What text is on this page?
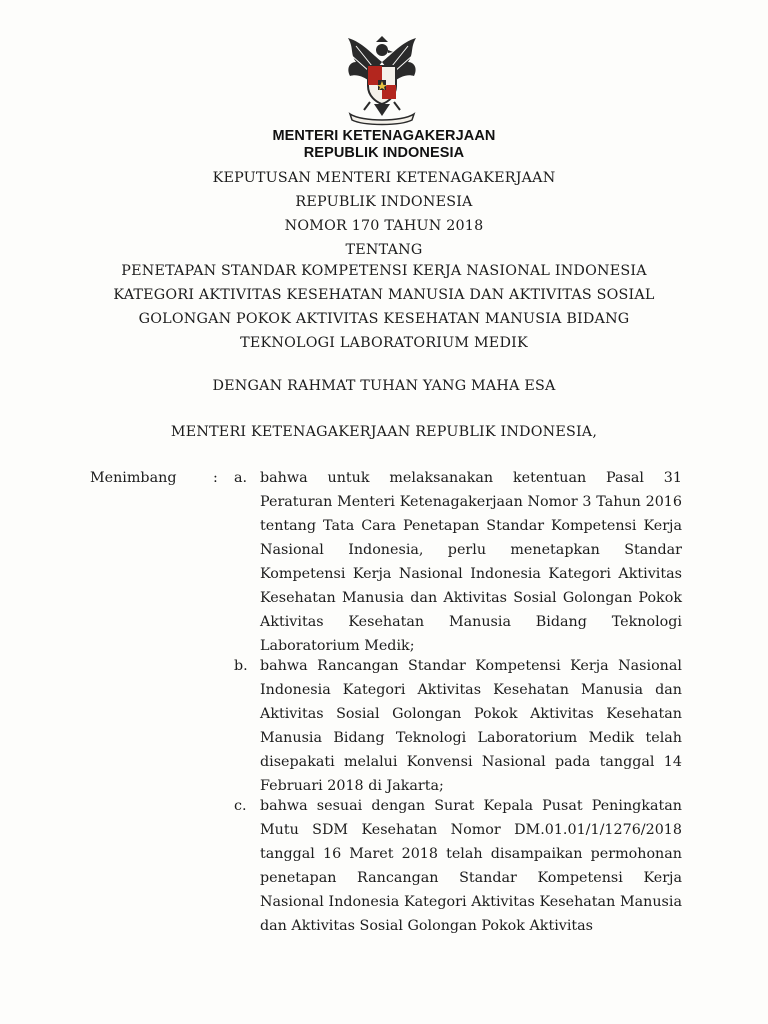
MENTERI KETENAGAKERJAAN
REPUBLIK INDONESIA
KEPUTUSAN MENTERI KETENAGAKERJAAN
REPUBLIK INDONESIA
NOMOR 170 TAHUN 2018
TENTANG
PENETAPAN STANDAR KOMPETENSI KERJA NASIONAL INDONESIA
KATEGORI AKTIVITAS KESEHATAN MANUSIA DAN AKTIVITAS SOSIAL
GOLONGAN POKOK AKTIVITAS KESEHATAN MANUSIA BIDANG
TEKNOLOGI LABORATORIUM MEDIK
DENGAN RAHMAT TUHAN YANG MAHA ESA
MENTERI KETENAGAKERJAAN REPUBLIK INDONESIA,
Menimbang	: a. bahwa untuk melaksanakan ketentuan Pasal 31 Peraturan Menteri Ketenagakerjaan Nomor 3 Tahun 2016 tentang Tata Cara Penetapan Standar Kompetensi Kerja Nasional Indonesia, perlu menetapkan Standar Kompetensi Kerja Nasional Indonesia Kategori Aktivitas Kesehatan Manusia dan Aktivitas Sosial Golongan Pokok Aktivitas Kesehatan Manusia Bidang Teknologi Laboratorium Medik;

b. bahwa Rancangan Standar Kompetensi Kerja Nasional Indonesia Kategori Aktivitas Kesehatan Manusia dan Aktivitas Sosial Golongan Pokok Aktivitas Kesehatan Manusia Bidang Teknologi Laboratorium Medik telah disepakati melalui Konvensi Nasional pada tanggal 14 Februari 2018 di Jakarta;

c. bahwa sesuai dengan Surat Kepala Pusat Peningkatan Mutu SDM Kesehatan Nomor DM.01.01/1/1276/2018 tanggal 16 Maret 2018 telah disampaikan permohonan penetapan Rancangan Standar Kompetensi Kerja Nasional Indonesia Kategori Aktivitas Kesehatan Manusia dan Aktivitas Sosial Golongan Pokok Aktivitas
